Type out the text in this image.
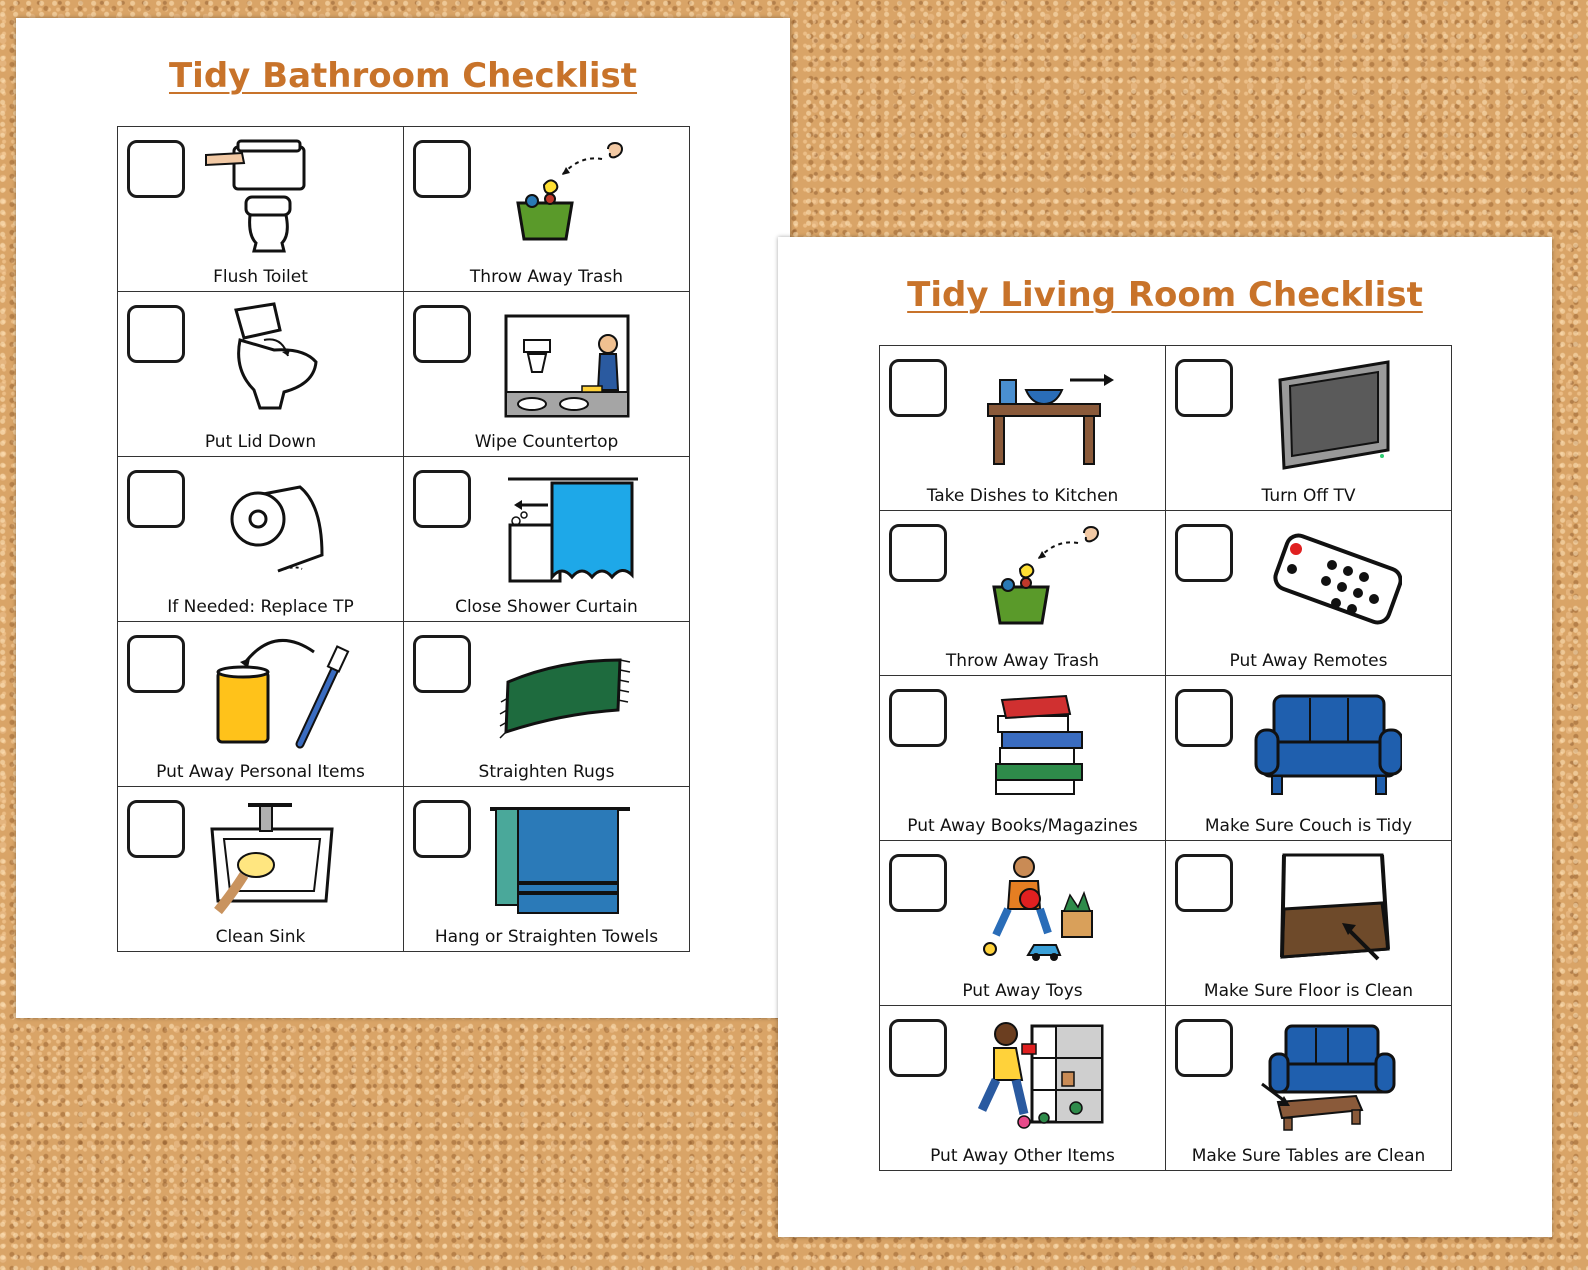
Tidy Bathroom Checklist
Flush Toilet	Throw Away Trash
Put Lid Down	Wipe Countertop
If Needed: Replace TP	Close Shower Curtain
Put Away Personal Items	Straighten Rugs
Clean Sink	Hang or Straighten Towels
Tidy Living Room Checklist
Take Dishes to Kitchen	Turn Off TV
Throw Away Trash	Put Away Remotes
Put Away Books/Magazines	Make Sure Couch is Tidy
Put Away Toys	Make Sure Floor is Clean
Put Away Other Items	Make Sure Tables are Clean
